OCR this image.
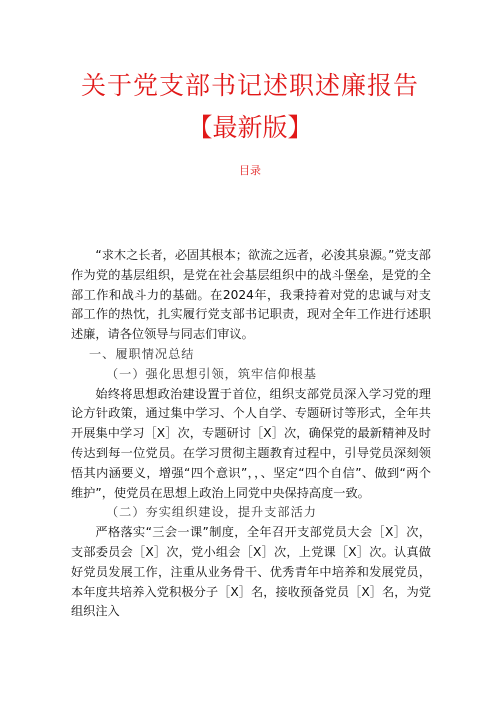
关于党支部书记述职述廉报告
【最新版】
目录

“求木之长者，必固其根本；欲流之远者，必浚其泉源。”党支部作为党的基层组织，是党在社会基层组织中的战斗堡垒，是党的全部工作和战斗力的基础。在2024年，我秉持着对党的忠诚与对支部工作的热忱，扎实履行党支部书记职责，现对全年工作进行述职述廉，请各位领导与同志们审议。

一、履职情况总结

（一）强化思想引领，筑牢信仰根基

始终将思想政治建设置于首位，组织支部党员深入学习党的理论方针政策，通过集中学习、个人自学、专题研讨等形式，全年共开展集中学习［X］次，专题研讨［X］次，确保党的最新精神及时传达到每一位党员。在学习贯彻主题教育过程中，引导党员深刻领悟其内涵要义，增强“四个意识”，，、坚定“四个自信”、做到“两个维护”，使党员在思想上政治上同党中央保持高度一致。

（二）夯实组织建设，提升支部活力

严格落实“三会一课”制度，全年召开支部党员大会［X］次，支部委员会［X］次，党小组会［X］次，上党课［X］次。认真做好党员发展工作，注重从业务骨干、优秀青年中培养和发展党员，本年度共培养入党积极分子［X］名，接收预备党员［X］名，为党组织注入
